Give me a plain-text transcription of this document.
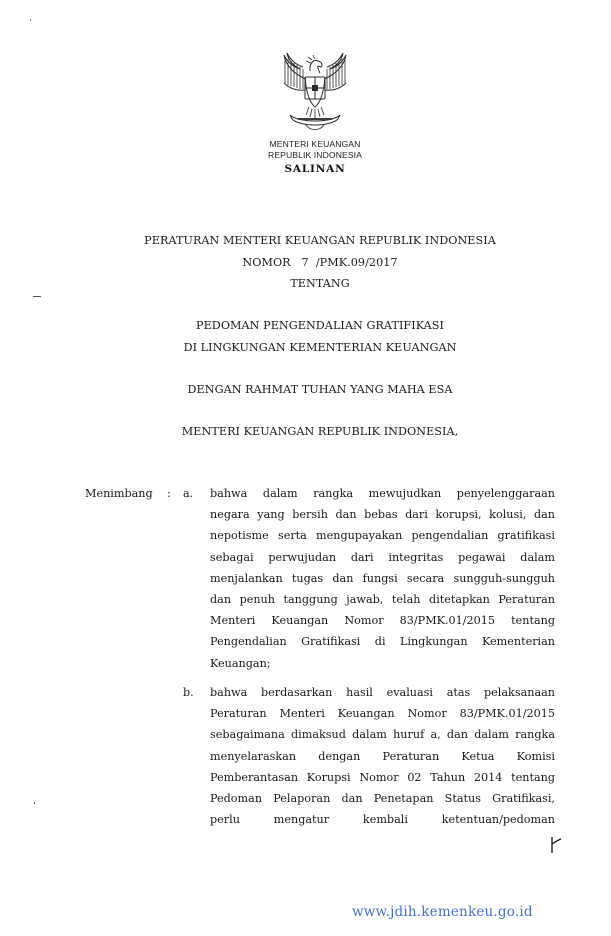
MENTERI KEUANGAN
REPUBLIK INDONESIA
SALINAN
PERATURAN MENTERI KEUANGAN REPUBLIK INDONESIA
NOMOR   7  /PMK.09/2017
TENTANG
PEDOMAN PENGENDALIAN GRATIFIKASI
DI LINGKUNGAN KEMENTERIAN KEUANGAN
DENGAN RAHMAT TUHAN YANG MAHA ESA
MENTERI KEUANGAN REPUBLIK INDONESIA,
Menimbang : a. bahwa dalam rangka mewujudkan penyelenggaraan
negara yang bersih dan bebas dari korupsi, kolusi, dan
nepotisme serta mengupayakan pengendalian gratifikasi
sebagai perwujudan dari integritas pegawai dalam
menjalankan tugas dan fungsi secara sungguh-sungguh
dan penuh tanggung jawab, telah ditetapkan Peraturan
Menteri Keuangan Nomor 83/PMK.01/2015 tentang
Pengendalian Gratifikasi di Lingkungan Kementerian
Keuangan;
b. bahwa berdasarkan hasil evaluasi atas pelaksanaan
Peraturan Menteri Keuangan Nomor 83/PMK.01/2015
sebagaimana dimaksud dalam huruf a, dan dalam rangka
menyelaraskan dengan Peraturan Ketua Komisi
Pemberantasan Korupsi Nomor 02 Tahun 2014 tentang
Pedoman Pelaporan dan Penetapan Status Gratifikasi,
perlu mengatur kembali ketentuan/pedoman
www.jdih.kemenkeu.go.id
